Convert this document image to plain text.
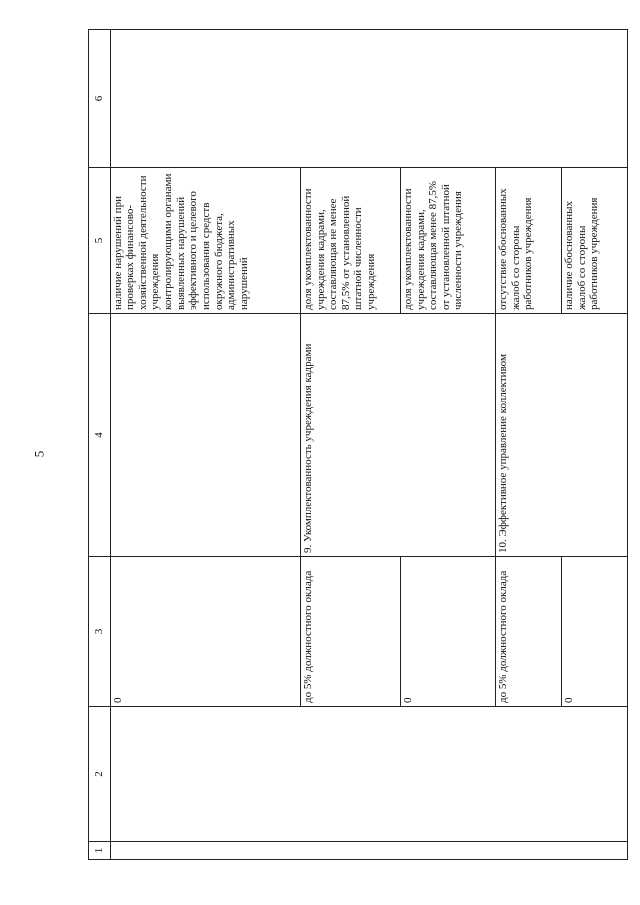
5
1	2	3	4	5	6
		0		наличие нарушений при проверках финансово-хозяйственной деятельности учреждения контролирующими органами выявленных нарушений эффективного и целевого использования средств окружного бюджета, административных нарушений	
		до 5% должностного оклада	9. Укомплектованность учреждения кадрами	доля укомплектованности учреждения кадрами, составляющая не менее 87,5% от установленной штатной численности учреждения	
		0		доля укомплектованности учреждения кадрами, составляющая менее 87,5% от установленной штатной численности учреждения	
		до 5% должностного оклада	10. Эффективное управление коллективом	отсутствие обоснованных жалоб со стороны работников учреждения	
		0		наличие обоснованных жалоб со стороны работников учреждения	
